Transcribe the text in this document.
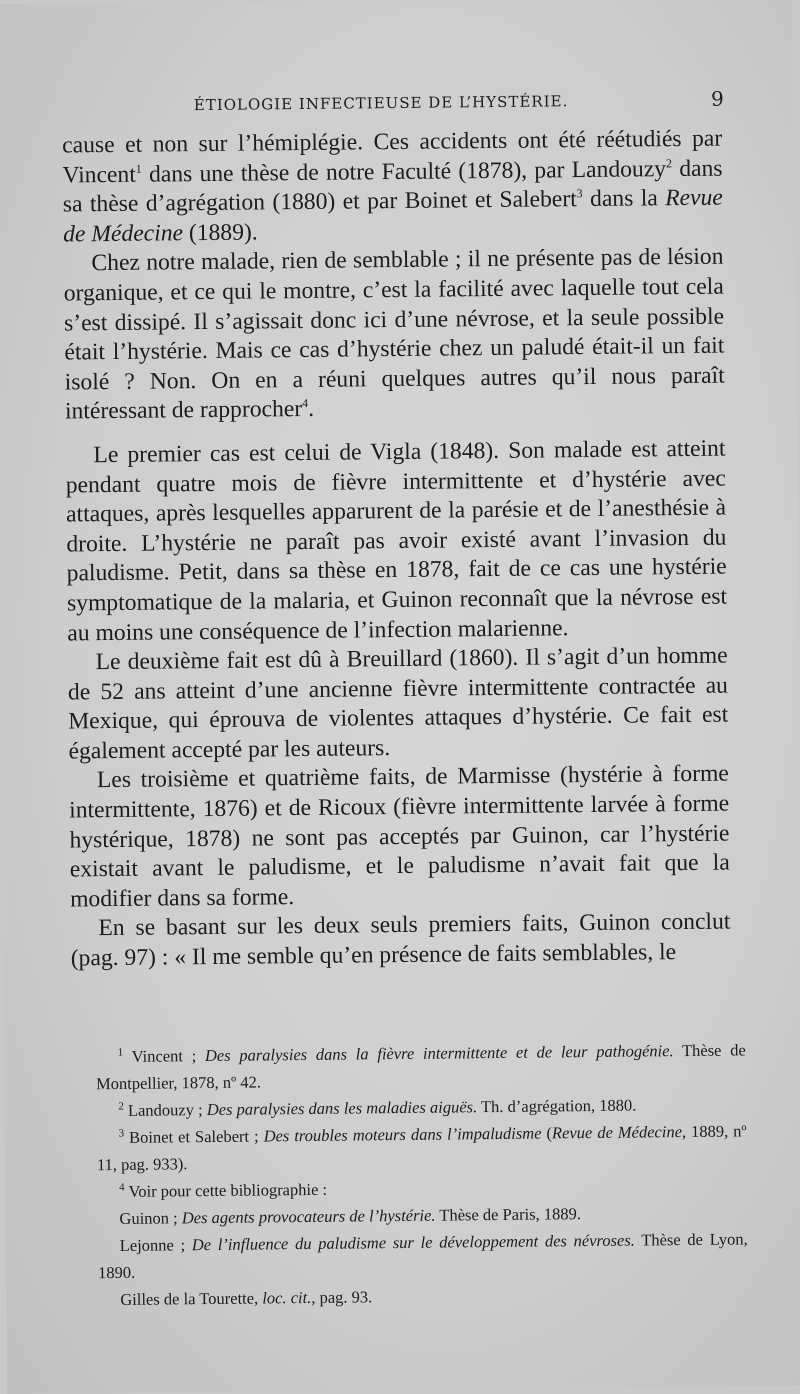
ÉTIOLOGIE INFECTIEUSE DE L’HYSTÉRIE.	9

cause et non sur l’hémiplégie. Ces accidents ont été réétudiés par Vincent$^1$ dans une thèse de notre Faculté (1878), par Landouzy$^2$ dans sa thèse d’agrégation (1880) et par Boinet et Salebert$^3$ dans la Revue de Médecine (1889).

Chez notre malade, rien de semblable ; il ne présente pas de lésion organique, et ce qui le montre, c’est la facilité avec laquelle tout cela s’est dissipé. Il s’agissait donc ici d’une névrose, et la seule possible était l’hystérie. Mais ce cas d’hystérie chez un paludé était-il un fait isolé ? Non. On en a réuni quelques autres qu’il nous paraît intéressant de rapprocher$^4$.

Le premier cas est celui de Vigla (1848). Son malade est atteint pendant quatre mois de fièvre intermittente et d’hystérie avec attaques, après lesquelles apparurent de la parésie et de l’anesthésie à droite. L’hystérie ne paraît pas avoir existé avant l’invasion du paludisme. Petit, dans sa thèse en 1878, fait de ce cas une hystérie symptomatique de la malaria, et Guinon reconnaît que la névrose est au moins une conséquence de l’infection malarienne.

Le deuxième fait est dû à Breuillard (1860). Il s’agit d’un homme de 52 ans atteint d’une ancienne fièvre intermittente contractée au Mexique, qui éprouva de violentes attaques d’hystérie. Ce fait est également accepté par les auteurs.

Les troisième et quatrième faits, de Marmisse (hystérie à forme intermittente, 1876) et de Ricoux (fièvre intermittente larvée à forme hystérique, 1878) ne sont pas acceptés par Guinon, car l’hystérie existait avant le paludisme, et le paludisme n’avait fait que la modifier dans sa forme.

En se basant sur les deux seuls premiers faits, Guinon conclut (pag. 97) : « Il me semble qu’en présence de faits semblables, le

$^1$ Vincent ; Des paralysies dans la fièvre intermittente et de leur pathogénie. Thèse de Montpellier, 1878, nº 42.

$^2$ Landouzy ; Des paralysies dans les maladies aiguës. Th. d’agrégation, 1880.

$^3$ Boinet et Salebert ; Des troubles moteurs dans l’impaludisme (Revue de Médecine, 1889, nº 11, pag. 933).

$^4$ Voir pour cette bibliographie :

Guinon ; Des agents provocateurs de l’hystérie. Thèse de Paris, 1889.

Lejonne ; De l’influence du paludisme sur le développement des névroses. Thèse de Lyon, 1890.

Gilles de la Tourette, loc. cit., pag. 93.
